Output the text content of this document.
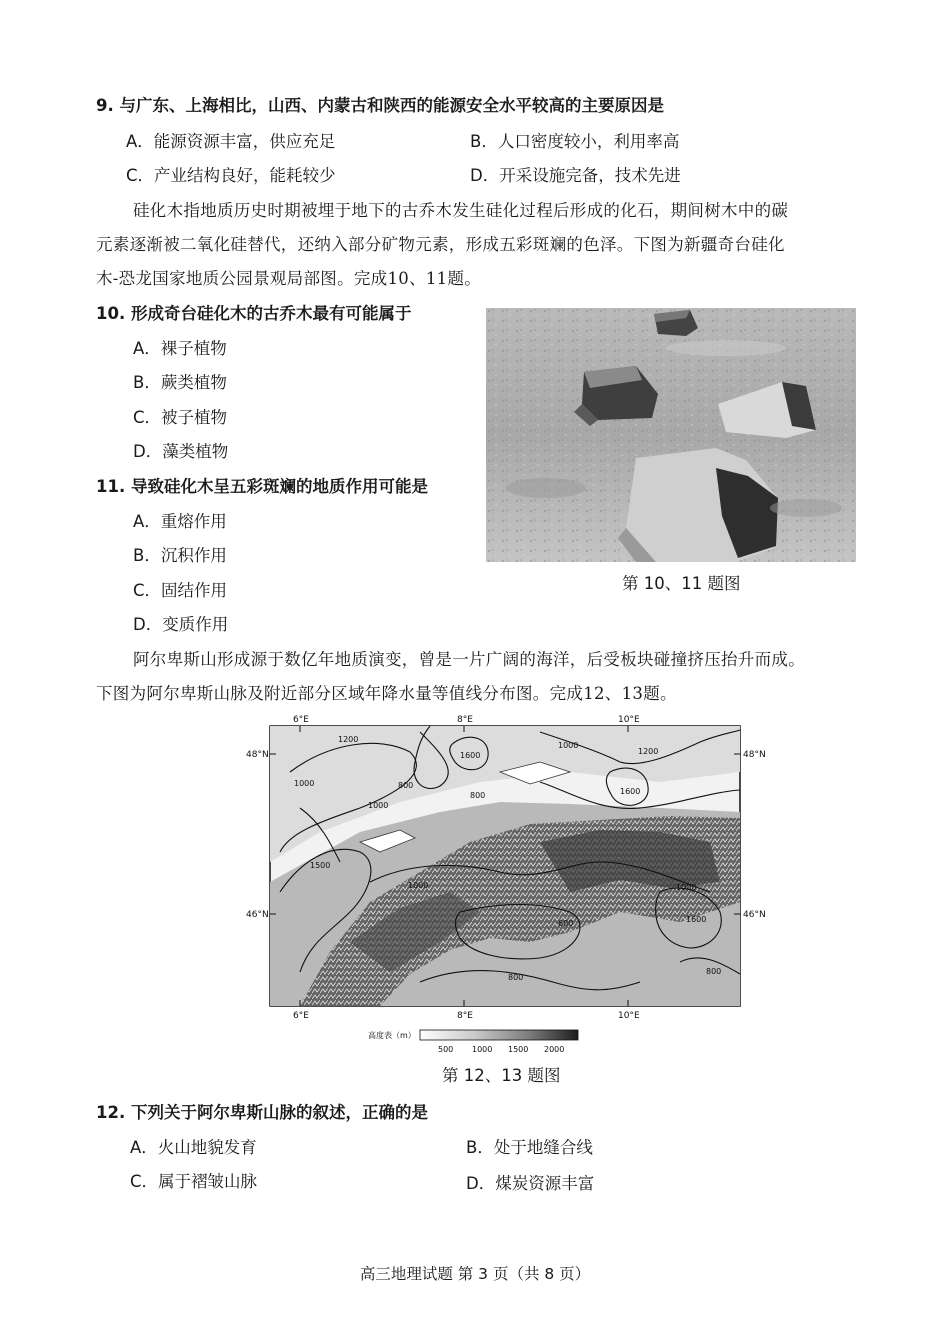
9. 与广东、上海相比，山西、内蒙古和陕西的能源安全水平较高的主要原因是
A．能源资源丰富，供应充足	B．人口密度较小，利用率高
C．产业结构良好，能耗较少	D．开采设施完备，技术先进
硅化木指地质历史时期被埋于地下的古乔木发生硅化过程后形成的化石，期间树木中的碳
元素逐渐被二氧化硅替代，还纳入部分矿物元素，形成五彩斑斓的色泽。下图为新疆奇台硅化
木-恐龙国家地质公园景观局部图。完成10、11题。
10. 形成奇台硅化木的古乔木最有可能属于
A．裸子植物
B．蕨类植物
C．被子植物
D．藻类植物
11. 导致硅化木呈五彩斑斓的地质作用可能是
A．重熔作用
B．沉积作用
C．固结作用
D．变质作用
第 10、11 题图
阿尔卑斯山形成源于数亿年地质演变，曾是一片广阔的海洋，后受板块碰撞挤压抬升而成。
下图为阿尔卑斯山脉及附近部分区域年降水量等值线分布图。完成12、13题。
1200
1000	800
1600
1000
800
1000
1200
1600
1500
1000
600
800
1600
1000
800
6°E	8°E	10°E
6°E	8°E	10°E
48°N	48°N
46°N	46°N
高度表（m）
500 1000 1500 2000
第 12、13 题图
12. 下列关于阿尔卑斯山脉的叙述，正确的是
A．火山地貌发育	B．处于地缝合线
C．属于褶皱山脉	D．煤炭资源丰富
高三地理试题 第 3 页（共 8 页）
